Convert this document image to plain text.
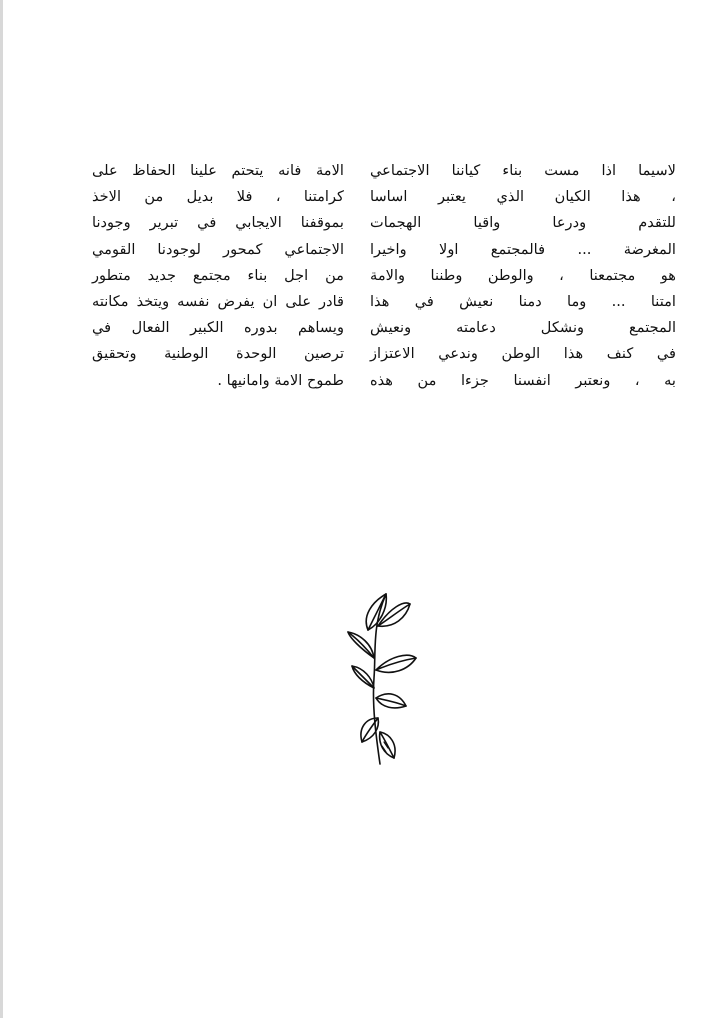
لاسيما اذا مست بناء كياننا الاجتماعي
، هذا الكيان الذي يعتبر اساسا
للتقدم ودرعا واقيا الهجمات
المغرضة ... فالمجتمع اولا واخيرا
هو مجتمعنا ، والوطن وطننا والامة
امتنا ... وما دمنا نعيش في هذا
المجتمع ونشكل دعامته ونعيش
في كنف هذا الوطن وندعي الاعتزاز
به ، ونعتبر انفسنا جزءا من هذه
الامة فانه يتحتم علينا الحفاظ على
كرامتنا ، فلا بديل من الاخذ
بموقفنا الايجابي في تبرير وجودنا
الاجتماعي كمحور لوجودنا القومي
من اجل بناء مجتمع جديد متطور
قادر على ان يفرض نفسه ويتخذ مكانته
ويساهم بدوره الكبير الفعال في
ترصين الوحدة الوطنية وتحقيق
طموح الامة وامانيها .
